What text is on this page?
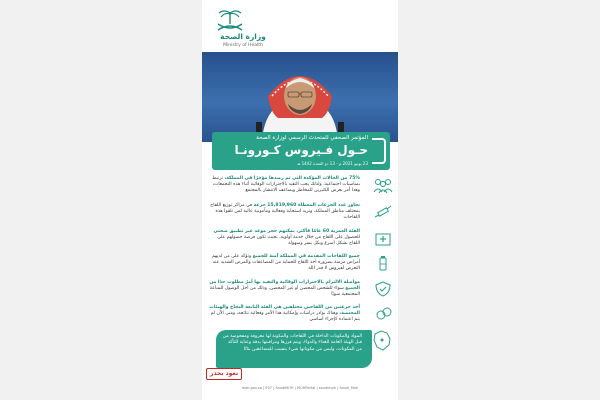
وزارة الصحة
Ministry of Health
المؤتمر الصحفي للمتحدث الرسمي لوزارة الصحة
حـول فـيروس كـورونـا
23 يونيو 2021 م - 13 ذو القعدة 1442 هـ
75% من الحالات المؤكدة التي تم رصدها مؤخرًا في المملكة، ترتبط بمناسبات اجتماعية، ولذلك يجب التقيد بالاحترازات الوقائية أثناء هذه التجمعات، وهذا أمر يعرض الكثيرين للمخاطر ويضاعف الانتشار بالمجتمع
تجاوز عدد الجرعات المعطاة 15,819,960 جرعة في مراكز توزيع اللقاح بمختلف مناطق المملكة، وتزيد استجابة وفعالية ومأمونية عالية لمن تلقوا هذه اللقاحات
الفئة العمرية 60 عامًا فأكثر، يمكنهم حجز موعد عبر تطبيق صحتي للحصول على اللقاح من خلال خدمة أولوية، بحيث تكون فرصة حصولهم على اللقاح بشكل أسرع وبكل يسر وسهولة
جميع اللقاحات المقدمة في المملكة آمنة للجميع وتؤكد على من لديهم أمراض مزمنة بضرورة أخذ اللقاح للحماية من المضاعفات والمرض الشديد عند التعرض لفيروس لا قدر الله
مواصلة الالتزام بالاحترازات الوقائية والتقيد بها أمرٌ مطلوب جدًا من الجميع سواء للشخص المحصن أو غير المحصن، وذلك من أجل الوصول للمناعة المجتمعية سويًا
أخذ جرعتين من اللقاحين مختلفين هي الفئة التابعة النجاح والهيئات المختصة، وهناك بوادر دراسات وإمكانية هذا الأمر وفعالية نتائجه، ومتى الآن لم يتم اعتماده كإجراء أساسي
المواد والمكونات الداخلة في اللقاحات والمكونة لها معروفة ومفحوصة من قبل الهيئة العامة للغذاء والدواء، ويتم فرزها ومراقبتها بدقة وعناية للتأكد من المكونات، وليس من مكوناتها شيء يتسبب للمضاعفين بتاتًا
نعود بحذر
moh.gov.sa | 937 | SaudiMOH | MOHPortal | saudimoh | Saudi_Moh
